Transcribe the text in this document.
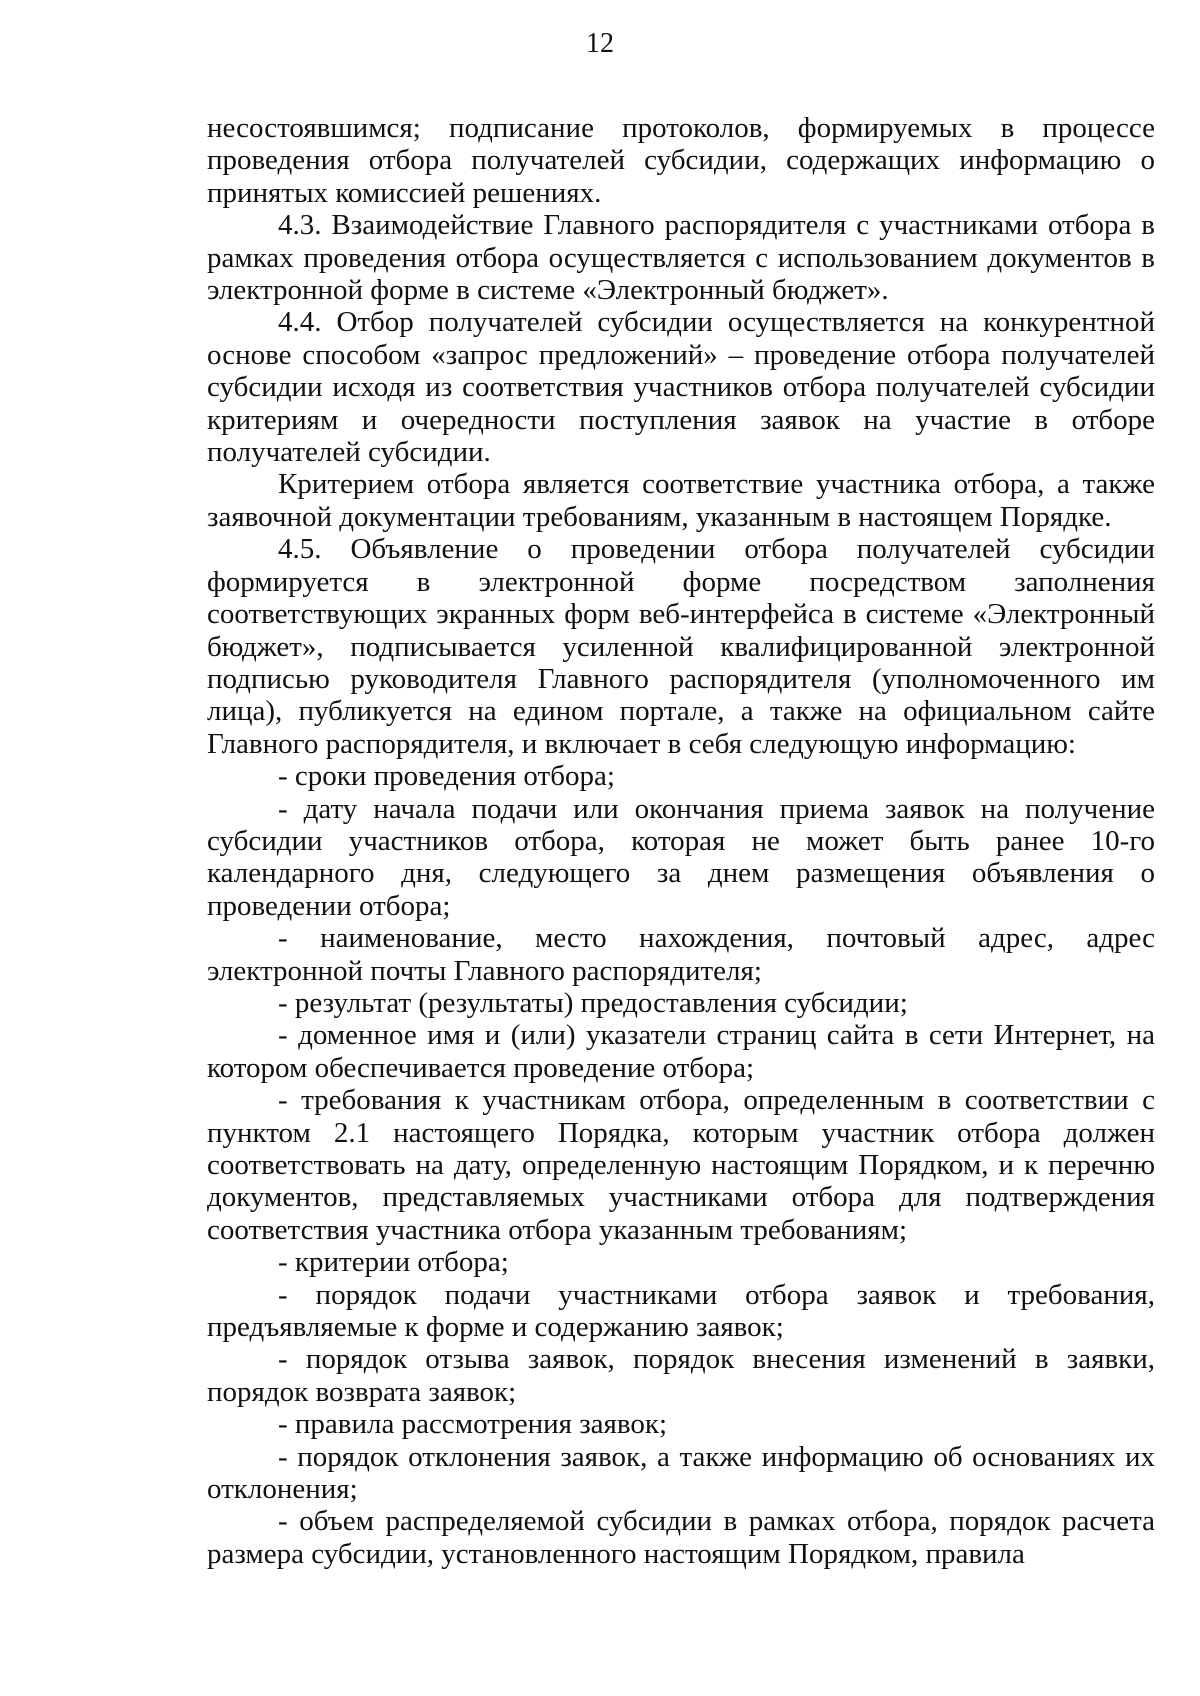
12

несостоявшимся; подписание протоколов, формируемых в процессе проведения отбора получателей субсидии, содержащих информацию о принятых комиссией решениях.

4.3. Взаимодействие Главного распорядителя с участниками отбора в рамках проведения отбора осуществляется с использованием документов в электронной форме в системе «Электронный бюджет».

4.4. Отбор получателей субсидии осуществляется на конкурентной основе способом «запрос предложений» – проведение отбора получателей субсидии исходя из соответствия участников отбора получателей субсидии критериям и очередности поступления заявок на участие в отборе получателей субсидии.

Критерием отбора является соответствие участника отбора, а также заявочной документации требованиям, указанным в настоящем Порядке.

4.5. Объявление о проведении отбора получателей субсидии формируется в электронной форме посредством заполнения соответствующих экранных форм веб-интерфейса в системе «Электронный бюджет», подписывается усиленной квалифицированной электронной подписью руководителя Главного распорядителя (уполномоченного им лица), публикуется на едином портале, а также на официальном сайте Главного распорядителя, и включает в себя следующую информацию:

- сроки проведения отбора;

- дату начала подачи или окончания приема заявок на получение субсидии участников отбора, которая не может быть ранее 10-го календарного дня, следующего за днем размещения объявления о проведении отбора;

- наименование, место нахождения, почтовый адрес, адрес электронной почты Главного распорядителя;

- результат (результаты) предоставления субсидии;

- доменное имя и (или) указатели страниц сайта в сети Интернет, на котором обеспечивается проведение отбора;

- требования к участникам отбора, определенным в соответствии с пунктом 2.1 настоящего Порядка, которым участник отбора должен соответствовать на дату, определенную настоящим Порядком, и к перечню документов, представляемых участниками отбора для подтверждения соответствия участника отбора указанным требованиям;

- критерии отбора;

- порядок подачи участниками отбора заявок и требования, предъявляемые к форме и содержанию заявок;

- порядок отзыва заявок, порядок внесения изменений в заявки, порядок возврата заявок;

- правила рассмотрения заявок;

- порядок отклонения заявок, а также информацию об основаниях их отклонения;

- объем распределяемой субсидии в рамках отбора, порядок расчета размера субсидии, установленного настоящим Порядком, правила
